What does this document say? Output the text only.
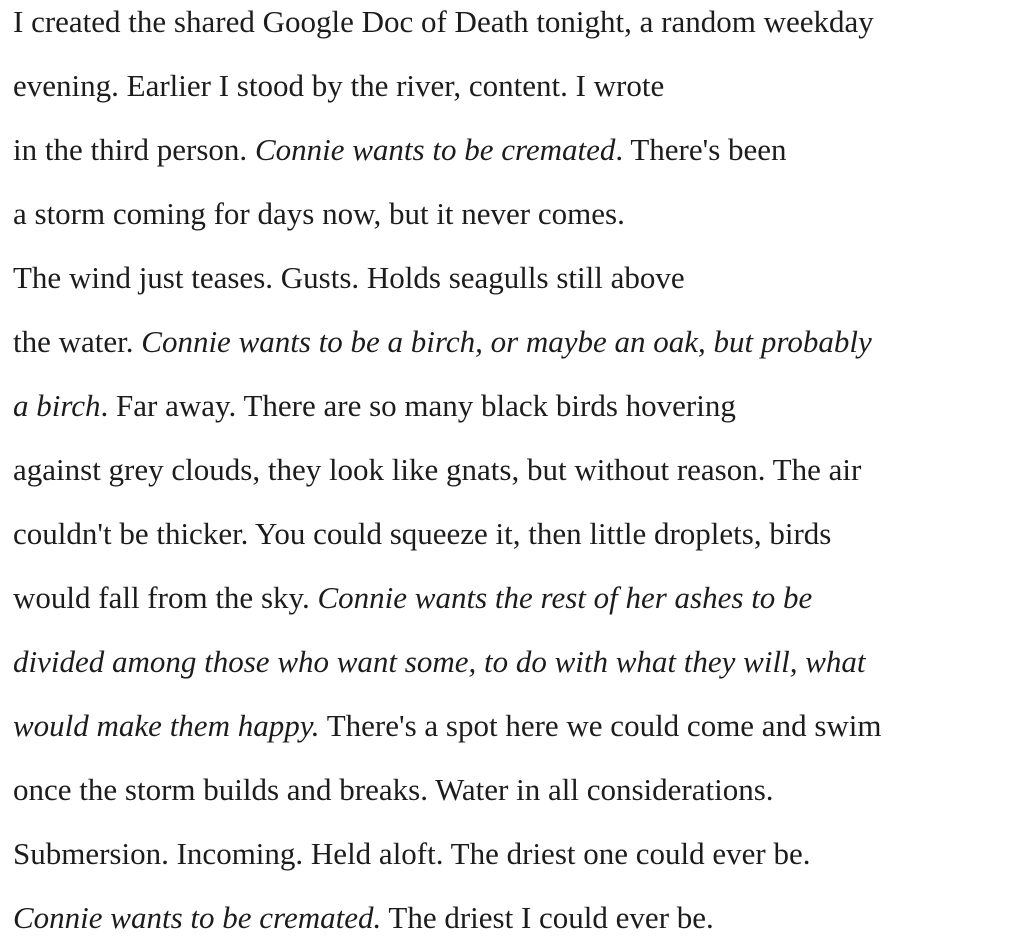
I created the shared Google Doc of Death tonight, a random weekday
evening. Earlier I stood by the river, content. I wrote
in the third person. Connie wants to be cremated. There's been
a storm coming for days now, but it never comes.
The wind just teases. Gusts. Holds seagulls still above
the water. Connie wants to be a birch, or maybe an oak, but probably
a birch. Far away. There are so many black birds hovering
against grey clouds, they look like gnats, but without reason. The air
couldn't be thicker. You could squeeze it, then little droplets, birds
would fall from the sky. Connie wants the rest of her ashes to be
divided among those who want some, to do with what they will, what
would make them happy. There's a spot here we could come and swim
once the storm builds and breaks. Water in all considerations.
Submersion. Incoming. Held aloft. The driest one could ever be.
Connie wants to be cremated. The driest I could ever be.
